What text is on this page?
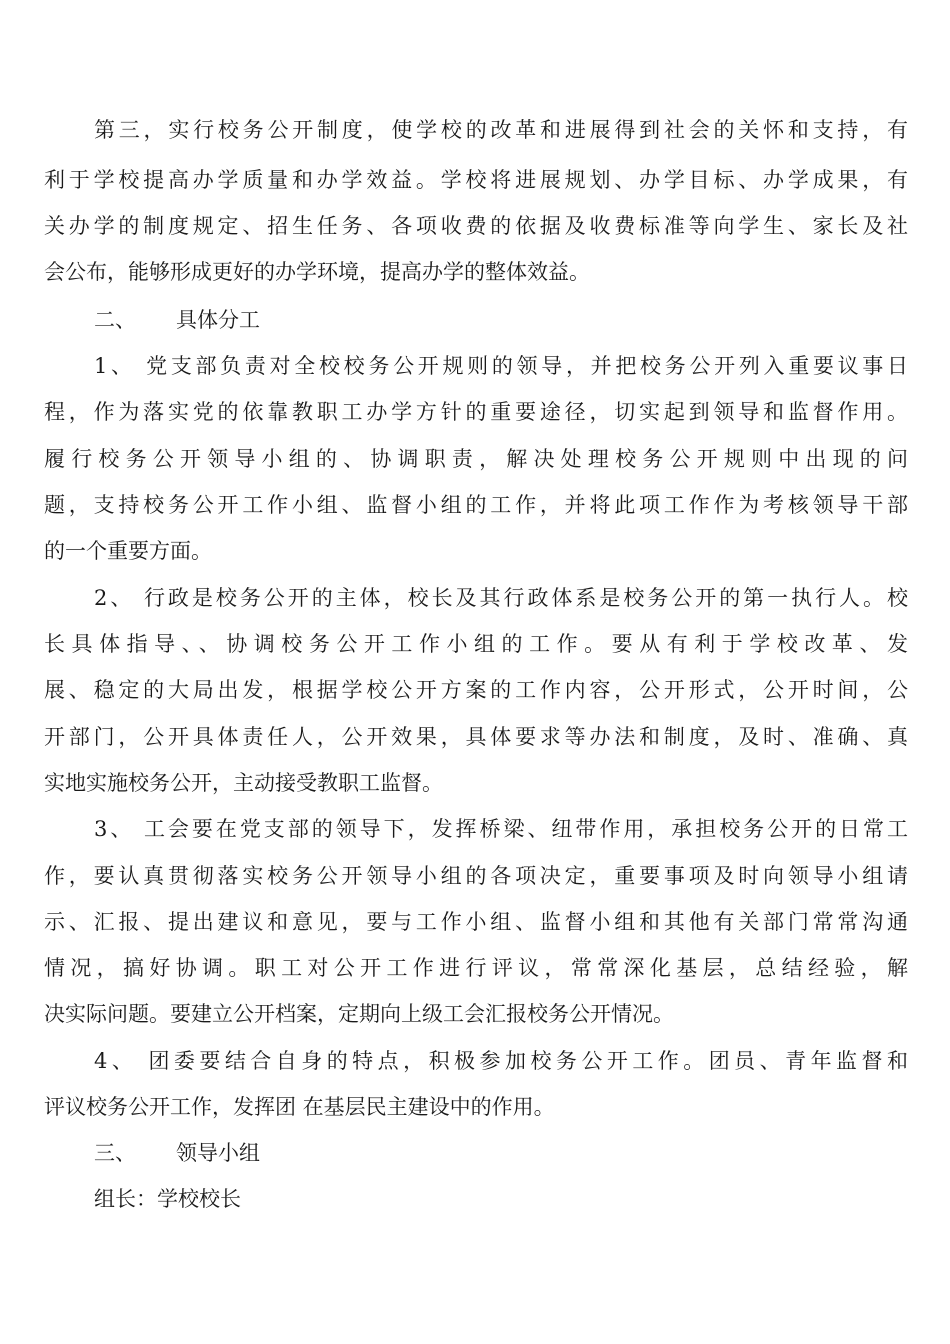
第三，实行校务公开制度，使学校的改革和进展得到社会的关怀和支持，有
利于学校提高办学质量和办学效益。学校将进展规划、办学目标、办学成果，有
关办学的制度规定、招生任务、各项收费的依据及收费标准等向学生、家长及社
会公布，能够形成更好的办学环境，提高办学的整体效益。
二、 具体分工
1、 党支部负责对全校校务公开规则的领导，并把校务公开列入重要议事日
程，作为落实党的依靠教职工办学方针的重要途径，切实起到领导和监督作用。
履行校务公开领导小组的、协调职责，解决处理校务公开规则中出现的问
题，支持校务公开工作小组、监督小组的工作，并将此项工作作为考核领导干部
的一个重要方面。
2、 行政是校务公开的主体，校长及其行政体系是校务公开的第一执行人。校
长具体指导、、协调校务公开工作小组的工作。要从有利于学校改革、发
展、稳定的大局出发，根据学校公开方案的工作内容，公开形式，公开时间，公
开部门，公开具体责任人，公开效果，具体要求等办法和制度，及时、准确、真
实地实施校务公开，主动接受教职工监督。
3、 工会要在党支部的领导下，发挥桥梁、纽带作用，承担校务公开的日常工
作，要认真贯彻落实校务公开领导小组的各项决定，重要事项及时向领导小组请
示、汇报、提出建议和意见，要与工作小组、监督小组和其他有关部门常常沟通
情况，搞好协调。职工对公开工作进行评议，常常深化基层，总结经验，解
决实际问题。要建立公开档案，定期向上级工会汇报校务公开情况。
4、 团委要结合自身的特点，积极参加校务公开工作。团员、青年监督和
评议校务公开工作，发挥团 在基层民主建设中的作用。
三、 领导小组
组长：学校校长
